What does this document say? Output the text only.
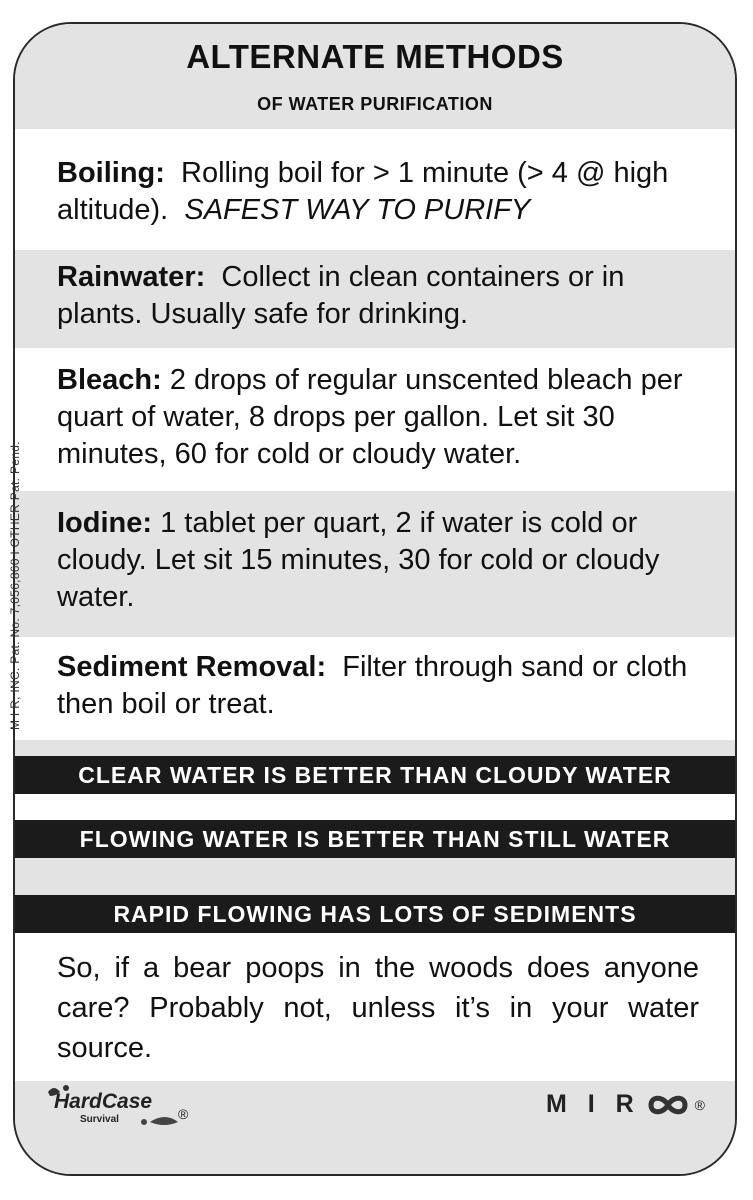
ALTERNATE METHODS
OF WATER PURIFICATION
Boiling: Rolling boil for > 1 minute (> 4 @ high altitude). SAFEST WAY TO PURIFY
Rainwater: Collect in clean containers or in plants. Usually safe for drinking.
Bleach: 2 drops of regular unscented bleach per quart of water, 8 drops per gallon. Let sit 30 minutes, 60 for cold or cloudy water.
Iodine: 1 tablet per quart, 2 if water is cold or cloudy. Let sit 15 minutes, 30 for cold or cloudy water.
Sediment Removal: Filter through sand or cloth then boil or treat.
CLEAR WATER IS BETTER THAN CLOUDY WATER
FLOWING WATER IS BETTER THAN STILL WATER
RAPID FLOWING HAS LOTS OF SEDIMENTS
So, if a bear poops in the woods does anyone care? Probably not, unless it’s in your water source.
M I R, INC. Pat. No. 7,056,860 I OTHER Pat. Pend.
HardCase
Survival	®	M I R	®
